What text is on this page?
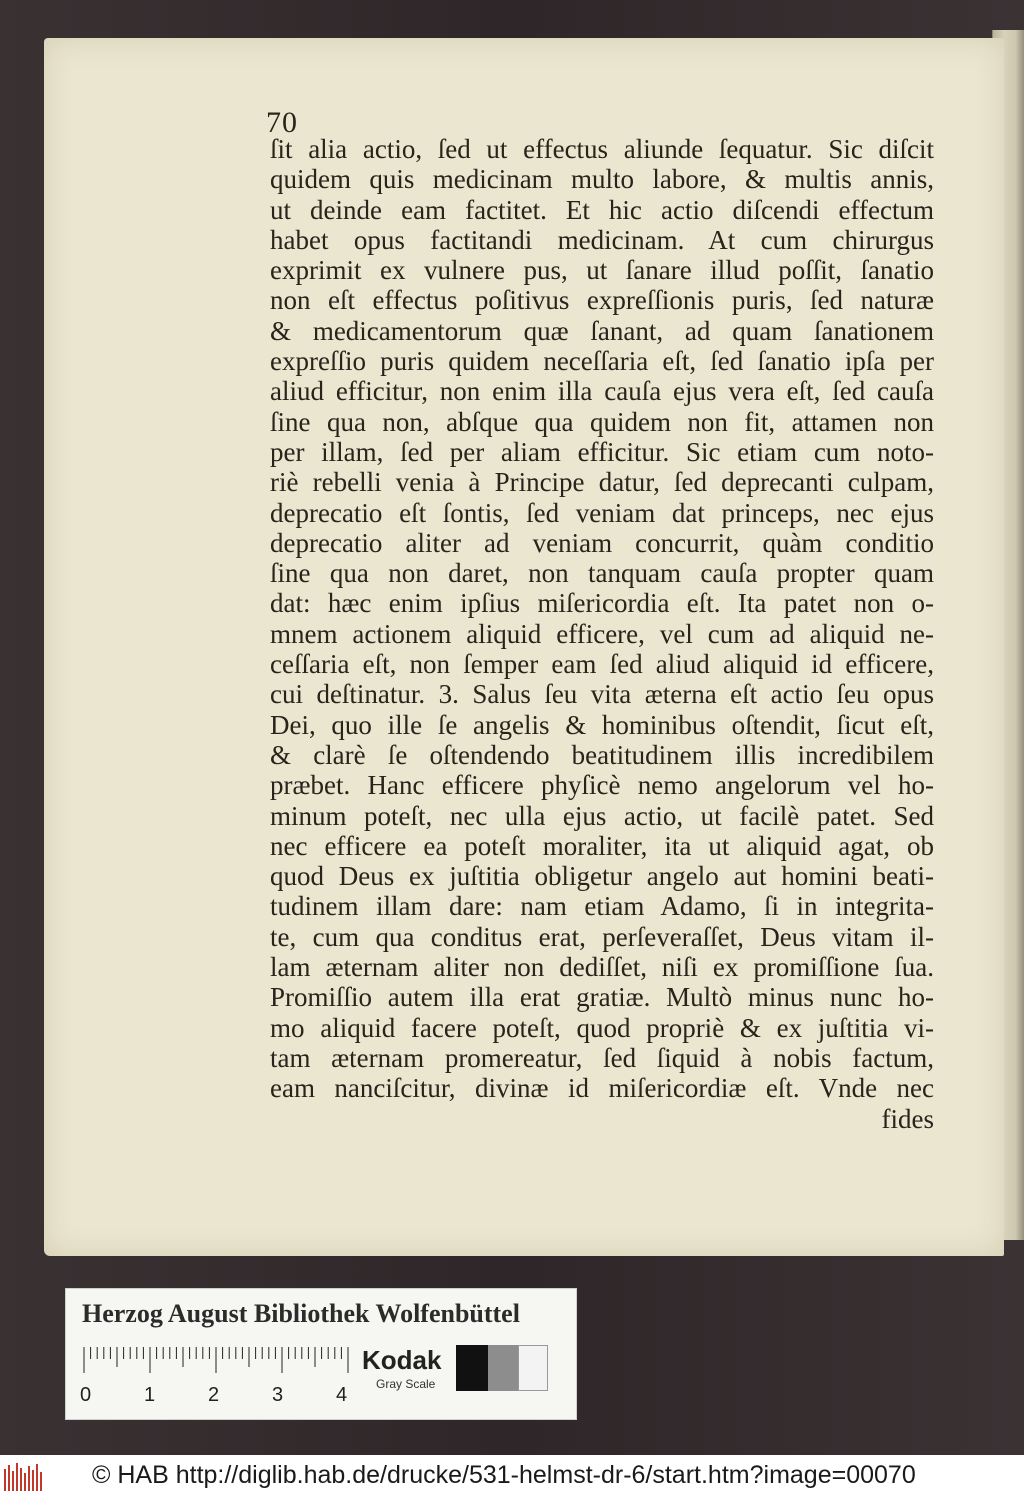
70
ſit alia actio, ſed ut effectus aliunde ſequatur. Sic diſcit
quidem quis medicinam multo labore, & multis annis,
ut deinde eam factitet. Et hic actio diſcendi effectum
habet opus factitandi medicinam. At cum chirurgus
exprimit ex vulnere pus, ut ſanare illud poſſit, ſanatio
non eſt effectus poſitivus expreſſionis puris, ſed naturæ
& medicamentorum quæ ſanant, ad quam ſanationem
expreſſio puris quidem neceſſaria eſt, ſed ſanatio ipſa per
aliud efficitur, non enim illa cauſa ejus vera eſt, ſed cauſa
ſine qua non, abſque qua quidem non fit, attamen non
per illam, ſed per aliam efficitur. Sic etiam cum noto-
riè rebelli venia à Principe datur, ſed deprecanti culpam,
deprecatio eſt ſontis, ſed veniam dat princeps, nec ejus
deprecatio aliter ad veniam concurrit, quàm conditio
ſine qua non daret, non tanquam cauſa propter quam
dat: hæc enim ipſius miſericordia eſt. Ita patet non o-
mnem actionem aliquid efficere, vel cum ad aliquid ne-
ceſſaria eſt, non ſemper eam ſed aliud aliquid id efficere,
cui deſtinatur. 3. Salus ſeu vita æterna eſt actio ſeu opus
Dei, quo ille ſe angelis & hominibus oſtendit, ſicut eſt,
& clarè ſe oſtendendo beatitudinem illis incredibilem
præbet. Hanc efficere phyſicè nemo angelorum vel ho-
minum poteſt, nec ulla ejus actio, ut facilè patet. Sed
nec efficere ea poteſt moraliter, ita ut aliquid agat, ob
quod Deus ex juſtitia obligetur angelo aut homini beati-
tudinem illam dare: nam etiam Adamo, ſi in integrita-
te, cum qua conditus erat, perſeveraſſet, Deus vitam il-
lam æternam aliter non dediſſet, niſi ex promiſſione ſua.
Promiſſio autem illa erat gratiæ. Multò minus nunc ho-
mo aliquid facere poteſt, quod propriè & ex juſtitia vi-
tam æternam promereatur, ſed ſiquid à nobis factum,
eam nanciſcitur, divinæ id miſericordiæ eſt. Vnde nec
fides
Herzog August Bibliothek Wolfenbüttel
0	1	2	3	4
Kodak
Gray Scale
© HAB http://diglib.hab.de/drucke/531-helmst-dr-6/start.htm?image=00070
